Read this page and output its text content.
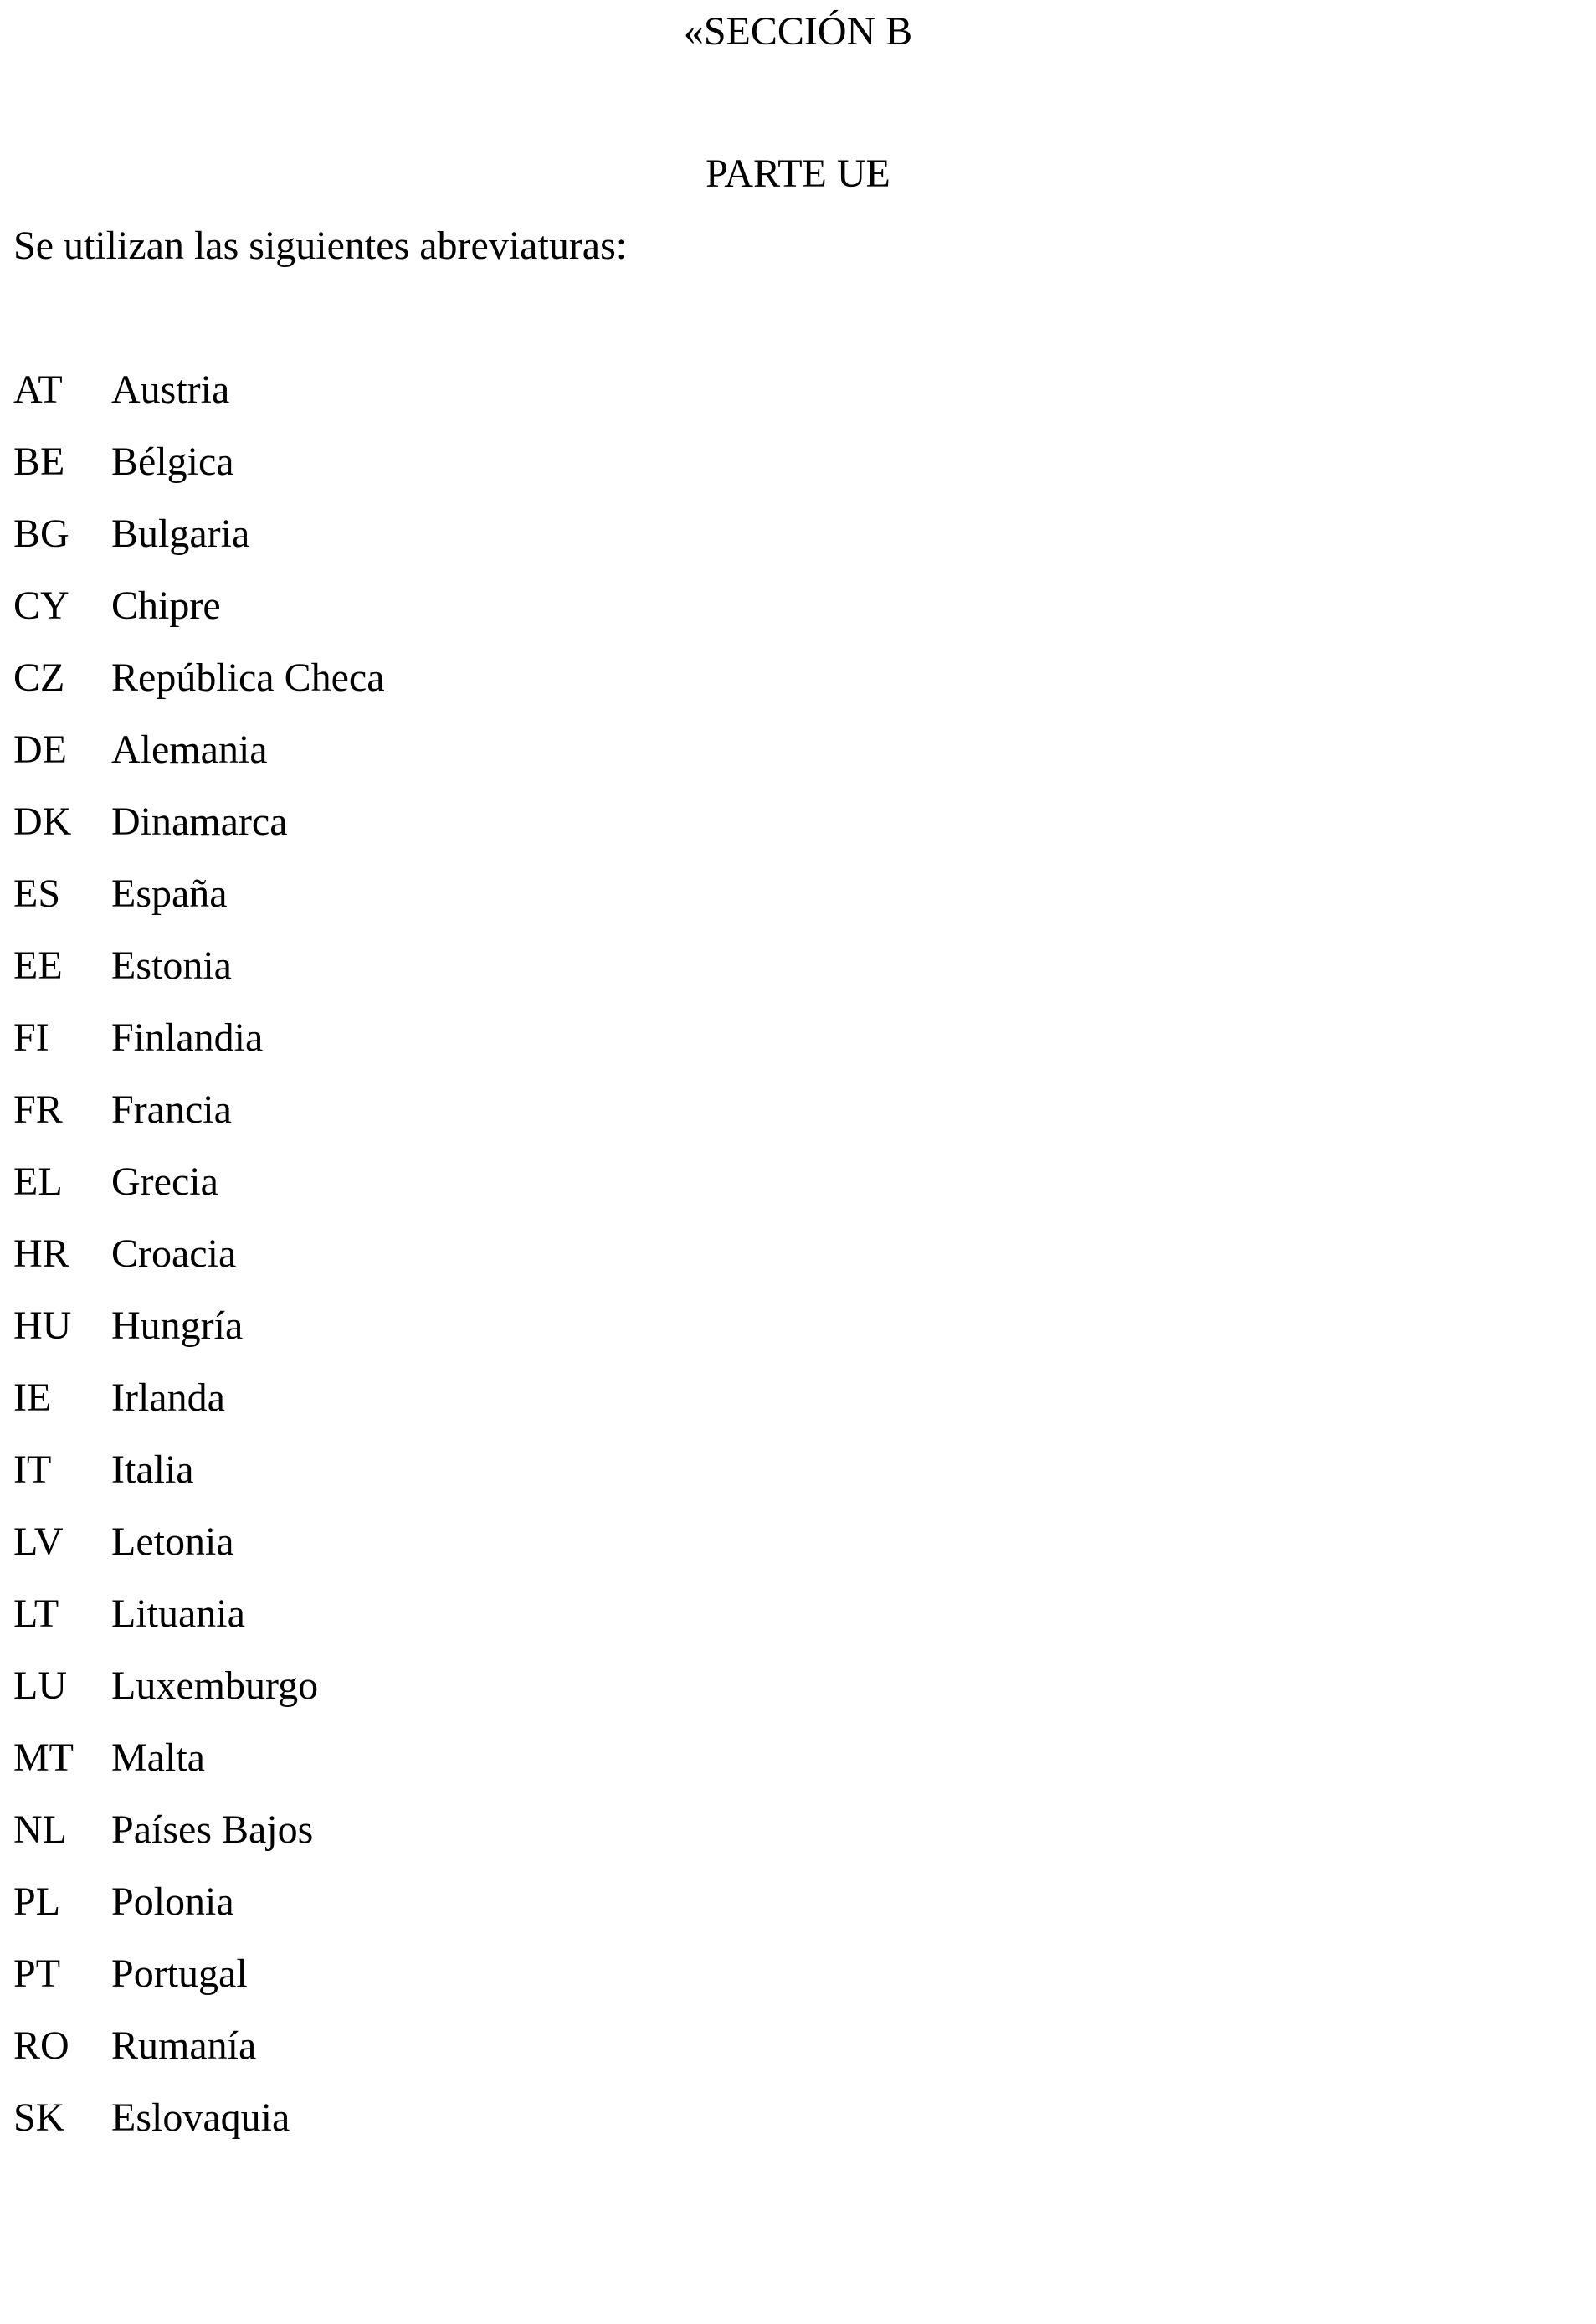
«SECCIÓN B
PARTE UE

Se utilizan las siguientes abreviaturas:

AT	Austria
BE	Bélgica
BG	Bulgaria
CY	Chipre
CZ	República Checa
DE	Alemania
DK Dinamarca
ES	España
EE	Estonia
FI	Finlandia
FR	Francia
EL	Grecia
HR	Croacia
HU Hungría
IE	Irlanda
IT	Italia
LV	Letonia
LT	Lituania
LU	Luxemburgo
MT Malta
NL	Países Bajos
PL	Polonia
PT	Portugal
RO	Rumanía
SK	Eslovaquia
